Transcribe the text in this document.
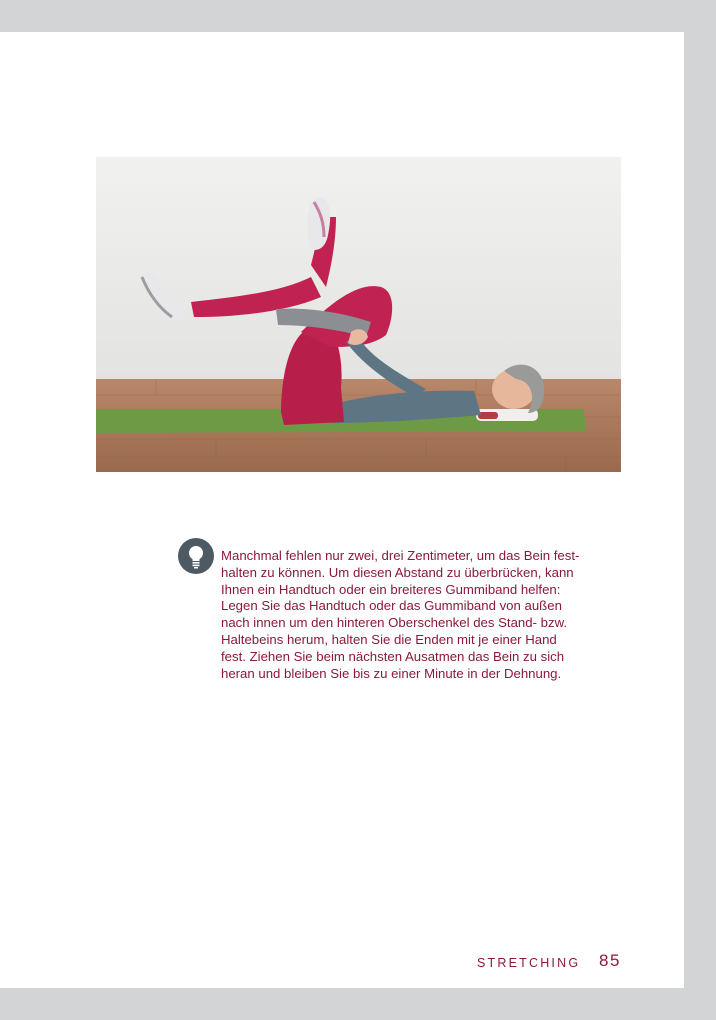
Manchmal fehlen nur zwei, drei Zentimeter, um das Bein fest-
halten zu können. Um diesen Abstand zu überbrücken, kann
Ihnen ein Handtuch oder ein breiteres Gummiband helfen:
Legen Sie das Handtuch oder das Gummiband von außen
nach innen um den hinteren Oberschenkel des Stand- bzw.
Haltebeins herum, halten Sie die Enden mit je einer Hand
fest. Ziehen Sie beim nächsten Ausatmen das Bein zu sich
heran und bleiben Sie bis zu einer Minute in der Dehnung.

STRETCHING 85
